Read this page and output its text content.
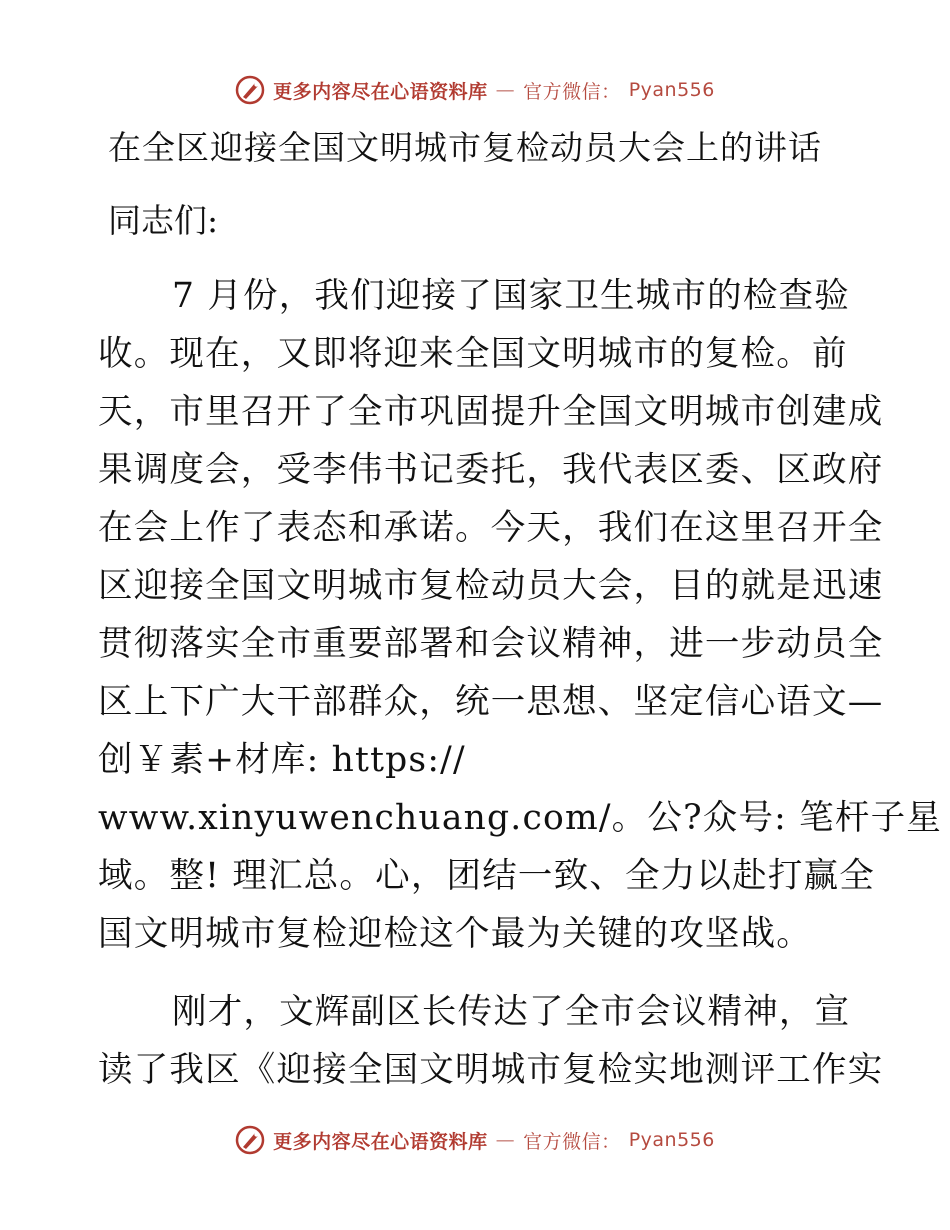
更多内容尽在心语资料库 — 官方微信： Pyan556
在全区迎接全国文明城市复检动员大会上的讲话
同志们:
7 月份，我们迎接了国家卫生城市的检查验
收。现在，又即将迎来全国文明城市的复检。前
天，市里召开了全市巩固提升全国文明城市创建成
果调度会，受李伟书记委托，我代表区委、区政府
在会上作了表态和承诺。今天，我们在这里召开全
区迎接全国文明城市复检动员大会，目的就是迅速
贯彻落实全市重要部署和会议精神，进一步动员全
区上下广大干部群众，统一思想、坚定信心语文—
创￥素+材库: https://
www.xinyuwenchuang.com/。公?众号: 笔杆子星
域。整! 理汇总。心，团结一致、全力以赴打赢全
国文明城市复检迎检这个最为关键的攻坚战。
刚才，文辉副区长传达了全市会议精神，宣
读了我区《迎接全国文明城市复检实地测评工作实
更多内容尽在心语资料库 — 官方微信： Pyan556
